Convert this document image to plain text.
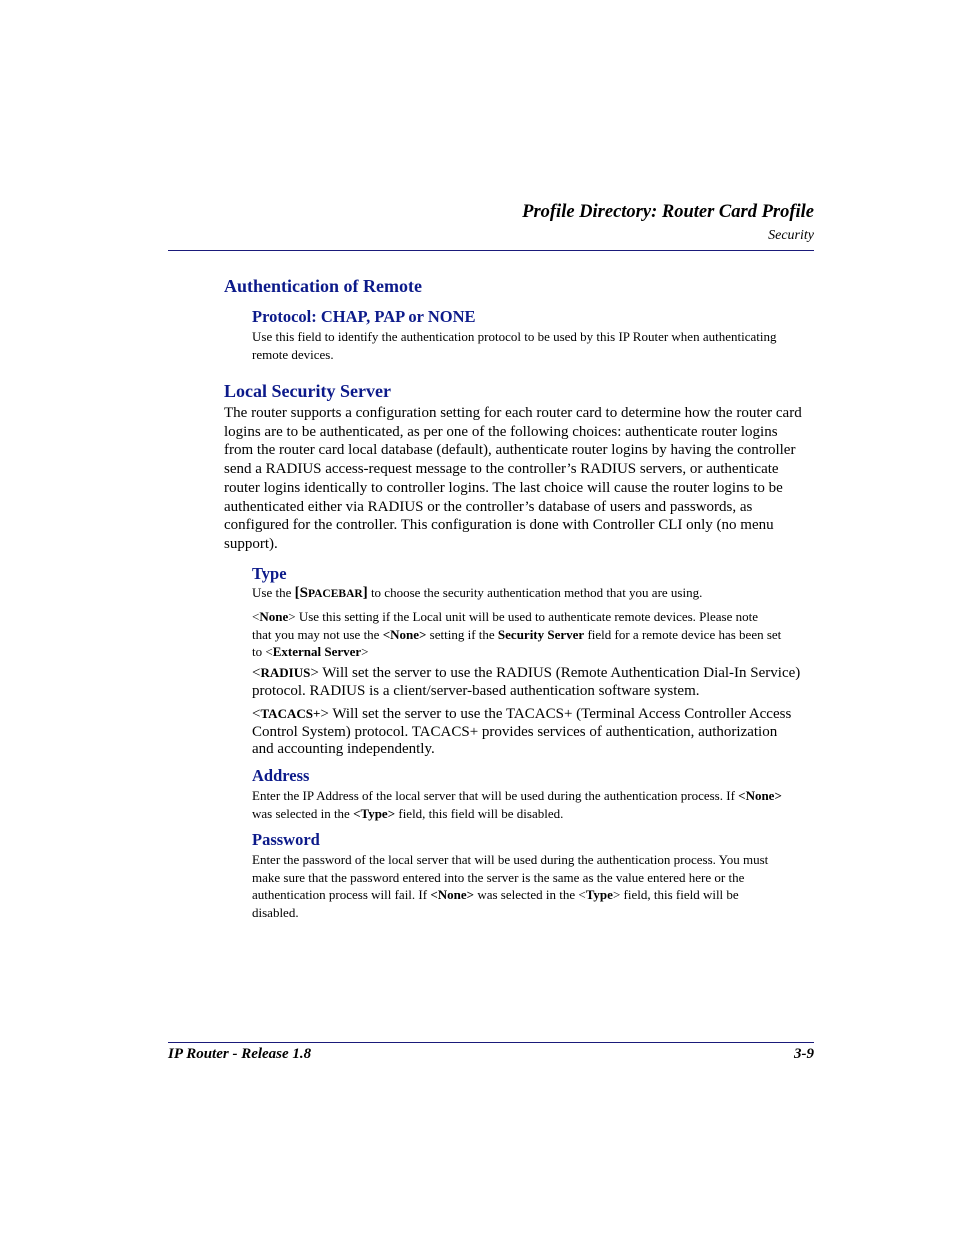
Profile Directory: Router Card Profile
Security
Authentication of Remote
Protocol: CHAP, PAP or NONE
Use this field to identify the authentication protocol to be used by this IP Router when authenticating
remote devices.
Local Security Server
The router supports a configuration setting for each router card to determine how the router card
logins are to be authenticated, as per one of the following choices: authenticate router logins
from the router card local database (default), authenticate router logins by having the controller
send a RADIUS access-request message to the controller’s RADIUS servers, or authenticate
router logins identically to controller logins. The last choice will cause the router logins to be
authenticated either via RADIUS or the controller’s database of users and passwords, as
configured for the controller. This configuration is done with Controller CLI only (no menu
support).
Type
Use the [SPACEBAR] to choose the security authentication method that you are using.
<None> Use this setting if the Local unit will be used to authenticate remote devices. Please note
that you may not use the <None> setting if the Security Server field for a remote device has been set
to <External Server>
<RADIUS> Will set the server to use the RADIUS (Remote Authentication Dial-In Service)
protocol. RADIUS is a client/server-based authentication software system.
<TACACS+> Will set the server to use the TACACS+ (Terminal Access Controller Access
Control System) protocol. TACACS+ provides services of authentication, authorization
and accounting independently.
Address
Enter the IP Address of the local server that will be used during the authentication process. If <None>
was selected in the <Type> field, this field will be disabled.
Password
Enter the password of the local server that will be used during the authentication process. You must
make sure that the password entered into the server is the same as the value entered here or the
authentication process will fail. If <None> was selected in the <Type> field, this field will be
disabled.
IP Router - Release 1.8	3-9
